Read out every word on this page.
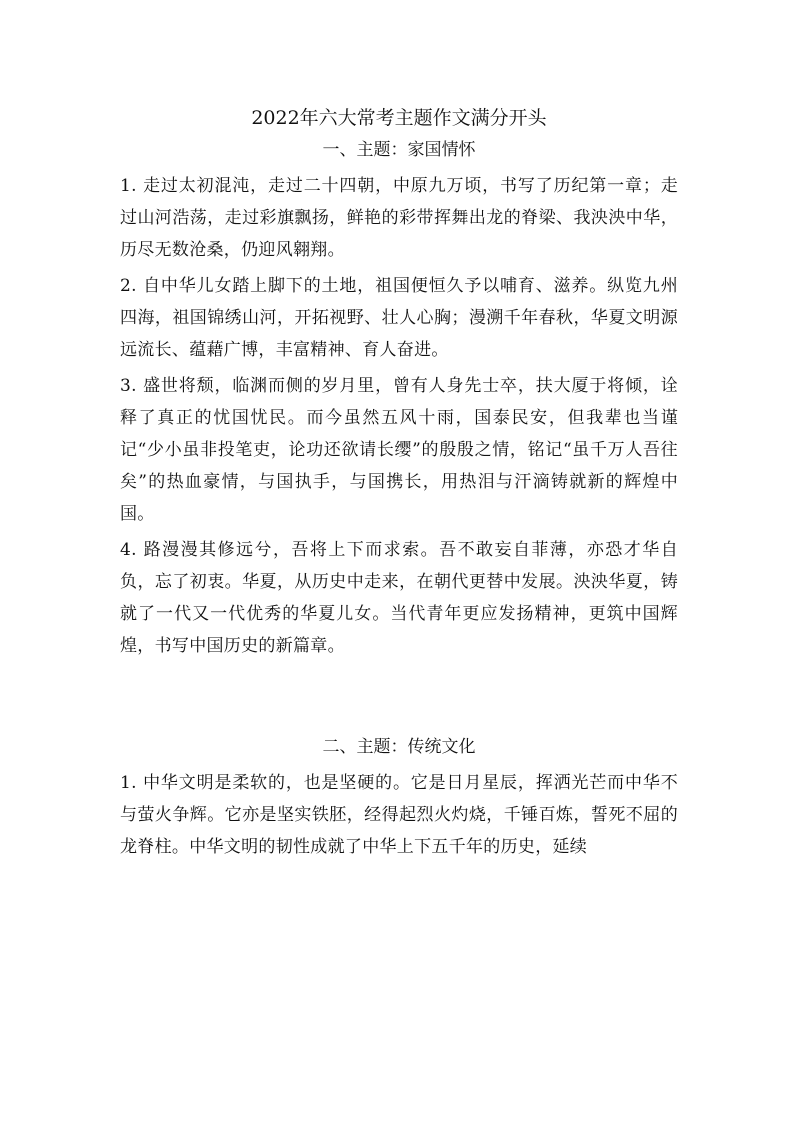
2022年六大常考主题作文满分开头
一、主题：家国情怀

1. 走过太初混沌，走过二十四朝，中原九万顷，书写了历纪第一章；走过山河浩荡，走过彩旗飘扬，鲜艳的彩带挥舞出龙的脊梁、我泱泱中华，历尽无数沧桑，仍迎风翱翔。

2. 自中华儿女踏上脚下的土地，祖国便恒久予以哺育、滋养。纵览九州四海，祖国锦绣山河，开拓视野、壮人心胸；漫溯千年春秋，华夏文明源远流长、蕴藉广博，丰富精神、育人奋进。

3. 盛世将颓，临渊而侧的岁月里，曾有人身先士卒，扶大厦于将倾，诠释了真正的忧国忧民。而今虽然五风十雨，国泰民安，但我辈也当谨记“少小虽非投笔吏，论功还欲请长缨”的殷殷之情，铭记“虽千万人吾往矣”的热血豪情，与国执手，与国携长，用热泪与汗滴铸就新的辉煌中国。

4. 路漫漫其修远兮，吾将上下而求索。吾不敢妄自菲薄，亦恐才华自负，忘了初衷。华夏，从历史中走来，在朝代更替中发展。泱泱华夏，铸就了一代又一代优秀的华夏儿女。当代青年更应发扬精神，更筑中国辉煌，书写中国历史的新篇章。

二、主题：传统文化

1. 中华文明是柔软的，也是坚硬的。它是日月星辰，挥洒光芒而中华不与萤火争辉。它亦是坚实铁胚，经得起烈火灼烧，千锤百炼，誓死不屈的龙脊柱。中华文明的韧性成就了中华上下五千年的历史，延续
